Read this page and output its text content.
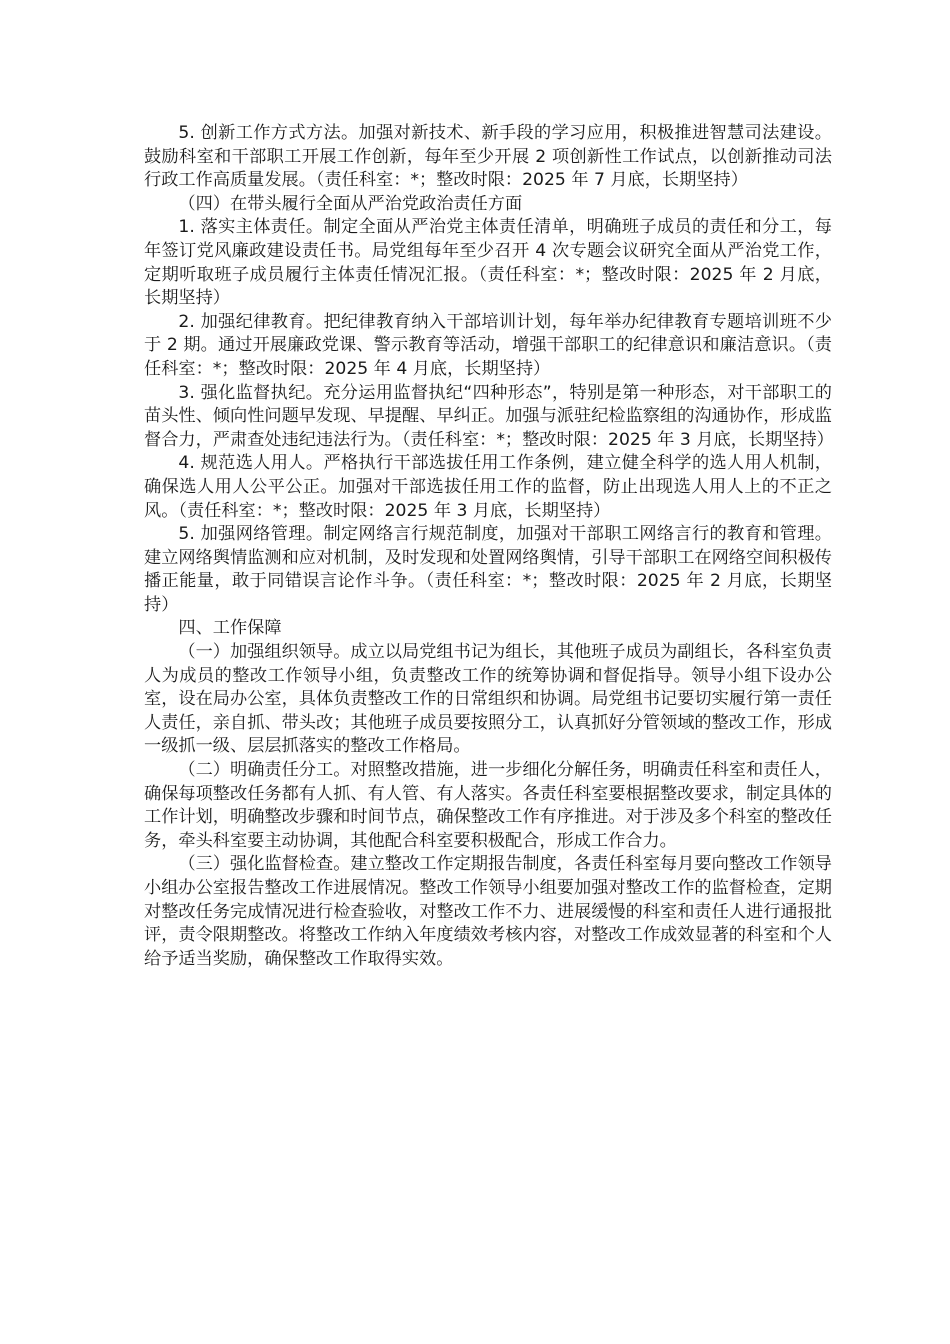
5. 创新工作方式方法。加强对新技术、新手段的学习应用，积极推进智慧司法建设。鼓励科室和干部职工开展工作创新，每年至少开展 2 项创新性工作试点，以创新推动司法行政工作高质量发展。（责任科室：*；整改时限：2025 年 7 月底，长期坚持）

（四）在带头履行全面从严治党政治责任方面

1. 落实主体责任。制定全面从严治党主体责任清单，明确班子成员的责任和分工，每年签订党风廉政建设责任书。局党组每年至少召开 4 次专题会议研究全面从严治党工作，定期听取班子成员履行主体责任情况汇报。（责任科室：*；整改时限：2025 年 2 月底，长期坚持）

2. 加强纪律教育。把纪律教育纳入干部培训计划，每年举办纪律教育专题培训班不少于 2 期。通过开展廉政党课、警示教育等活动，增强干部职工的纪律意识和廉洁意识。（责任科室：*；整改时限：2025 年 4 月底，长期坚持）

3. 强化监督执纪。充分运用监督执纪“四种形态”，特别是第一种形态，对干部职工的苗头性、倾向性问题早发现、早提醒、早纠正。加强与派驻纪检监察组的沟通协作，形成监督合力，严肃查处违纪违法行为。（责任科室：*；整改时限：2025 年 3 月底，长期坚持）

4. 规范选人用人。严格执行干部选拔任用工作条例，建立健全科学的选人用人机制，确保选人用人公平公正。加强对干部选拔任用工作的监督，防止出现选人用人上的不正之风。（责任科室：*；整改时限：2025 年 3 月底，长期坚持）

5. 加强网络管理。制定网络言行规范制度，加强对干部职工网络言行的教育和管理。建立网络舆情监测和应对机制，及时发现和处置网络舆情，引导干部职工在网络空间积极传播正能量，敢于同错误言论作斗争。（责任科室：*；整改时限：2025 年 2 月底，长期坚持）

四、工作保障

（一）加强组织领导。成立以局党组书记为组长，其他班子成员为副组长，各科室负责人为成员的整改工作领导小组，负责整改工作的统筹协调和督促指导。领导小组下设办公室，设在局办公室，具体负责整改工作的日常组织和协调。局党组书记要切实履行第一责任人责任，亲自抓、带头改；其他班子成员要按照分工，认真抓好分管领域的整改工作，形成一级抓一级、层层抓落实的整改工作格局。

（二）明确责任分工。对照整改措施，进一步细化分解任务，明确责任科室和责任人，确保每项整改任务都有人抓、有人管、有人落实。各责任科室要根据整改要求，制定具体的工作计划，明确整改步骤和时间节点，确保整改工作有序推进。对于涉及多个科室的整改任务，牵头科室要主动协调，其他配合科室要积极配合，形成工作合力。

（三）强化监督检查。建立整改工作定期报告制度，各责任科室每月要向整改工作领导小组办公室报告整改工作进展情况。整改工作领导小组要加强对整改工作的监督检查，定期对整改任务完成情况进行检查验收，对整改工作不力、进展缓慢的科室和责任人进行通报批评，责令限期整改。将整改工作纳入年度绩效考核内容，对整改工作成效显著的科室和个人给予适当奖励，确保整改工作取得实效。
